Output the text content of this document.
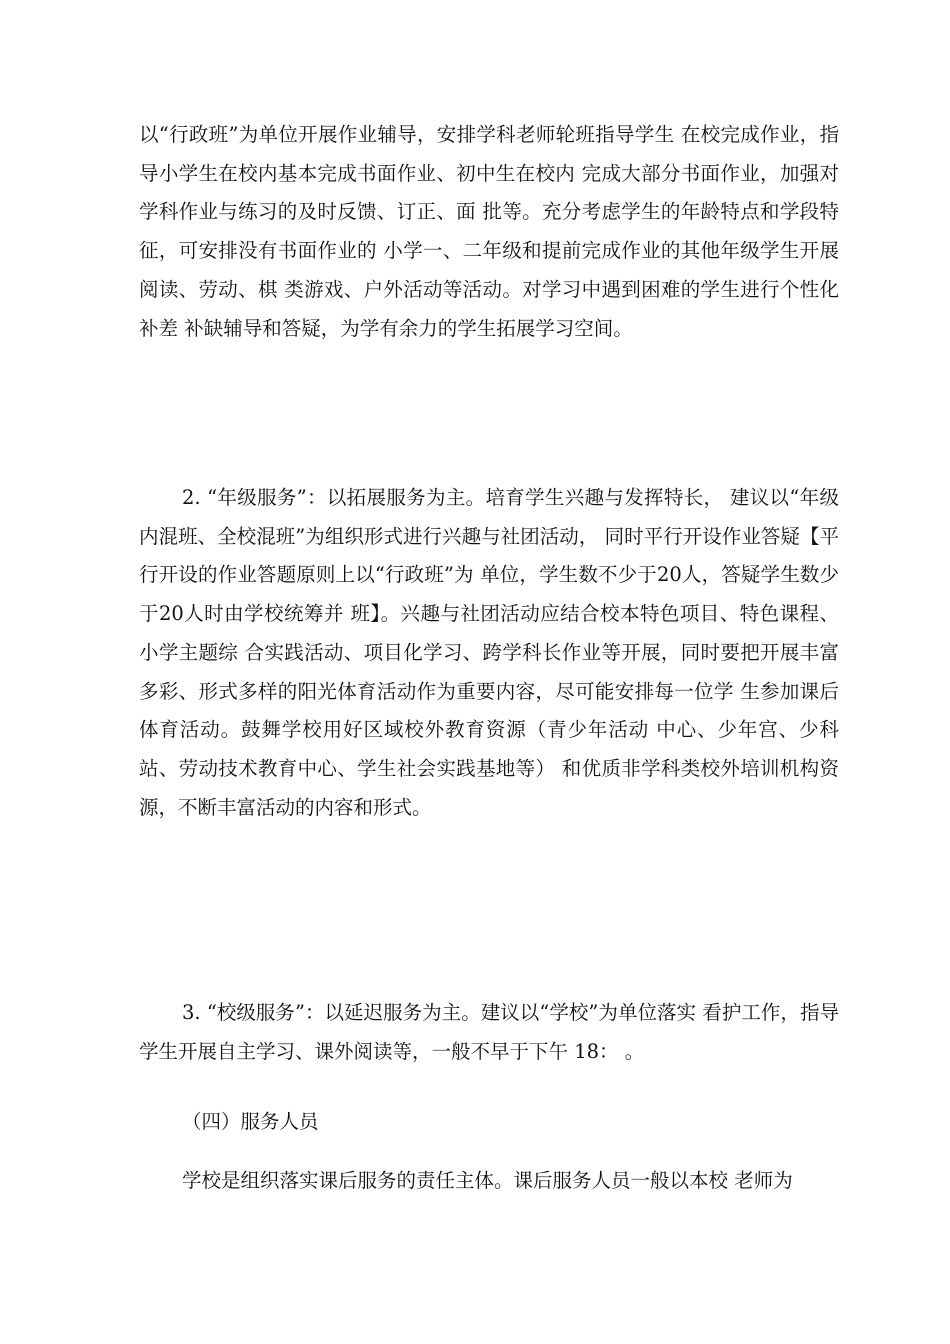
以“行政班”为单位开展作业辅导，安排学科老师轮班指导学生 在校完成作业，指导小学生在校内基本完成书面作业、初中生在校内 完成大部分书面作业，加强对学科作业与练习的及时反馈、订正、面 批等。充分考虑学生的年龄特点和学段特征，可安排没有书面作业的 小学一、二年级和提前完成作业的其他年级学生开展阅读、劳动、棋 类游戏、户外活动等活动。对学习中遇到困难的学生进行个性化补差 补缺辅导和答疑，为学有余力的学生拓展学习空间。

2. “年级服务”：以拓展服务为主。培育学生兴趣与发挥特长， 建议以“年级内混班、全校混班”为组织形式进行兴趣与社团活动， 同时平行开设作业答疑【平行开设的作业答题原则上以“行政班”为 单位，学生数不少于20人，答疑学生数少于20人时由学校统筹并 班】。兴趣与社团活动应结合校本特色项目、特色课程、小学主题综 合实践活动、项目化学习、跨学科长作业等开展，同时要把开展丰富 多彩、形式多样的阳光体育活动作为重要内容，尽可能安排每一位学 生参加课后体育活动。鼓舞学校用好区域校外教育资源（青少年活动 中心、少年宫、少科站、劳动技术教育中心、学生社会实践基地等） 和优质非学科类校外培训机构资源，不断丰富活动的内容和形式。

3. “校级服务”：以延迟服务为主。建议以“学校”为单位落实 看护工作，指导学生开展自主学习、课外阅读等，一般不早于下午 18： 。

（四）服务人员

学校是组织落实课后服务的责任主体。课后服务人员一般以本校 老师为
